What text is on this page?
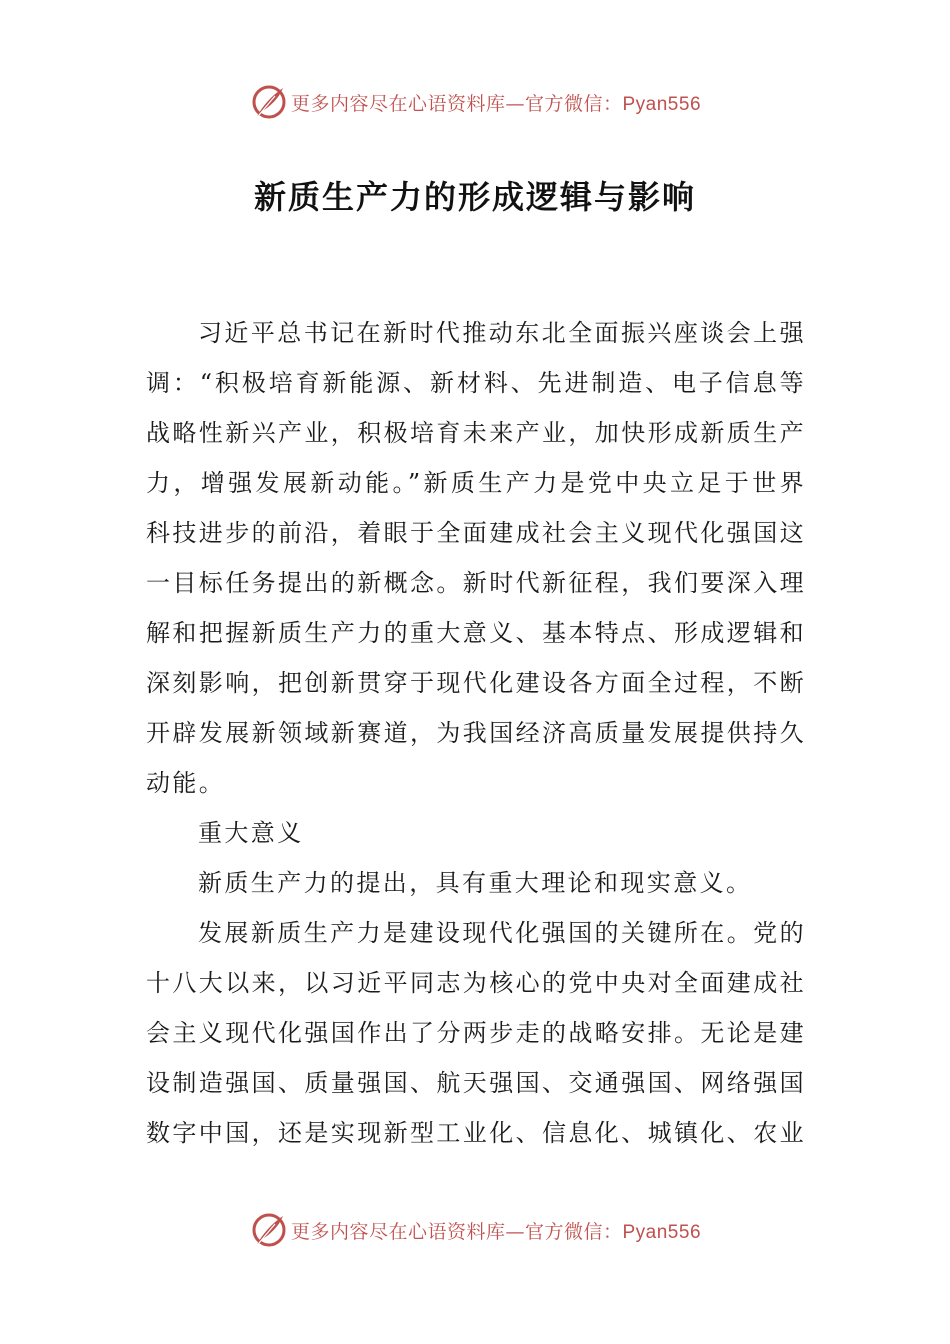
更多内容尽在心语资料库—官方微信：Pyan556
新质生产力的形成逻辑与影响

习近平总书记在新时代推动东北全面振兴座谈会上强调：“积极培育新能源、新材料、先进制造、电子信息等战略性新兴产业，积极培育未来产业，加快形成新质生产力，增强发展新动能。”新质生产力是党中央立足于世界科技进步的前沿，着眼于全面建成社会主义现代化强国这一目标任务提出的新概念。新时代新征程，我们要深入理解和把握新质生产力的重大意义、基本特点、形成逻辑和深刻影响，把创新贯穿于现代化建设各方面全过程，不断开辟发展新领域新赛道，为我国经济高质量发展提供持久动能。

重大意义

新质生产力的提出，具有重大理论和现实意义。

发展新质生产力是建设现代化强国的关键所在。党的十八大以来，以习近平同志为核心的党中央对全面建成社会主义现代化强国作出了分两步走的战略安排。无论是建设制造强国、质量强国、航天强国、交通强国、网络强国数字中国，还是实现新型工业化、信息化、城镇化、农业

更多内容尽在心语资料库—官方微信：Pyan556
